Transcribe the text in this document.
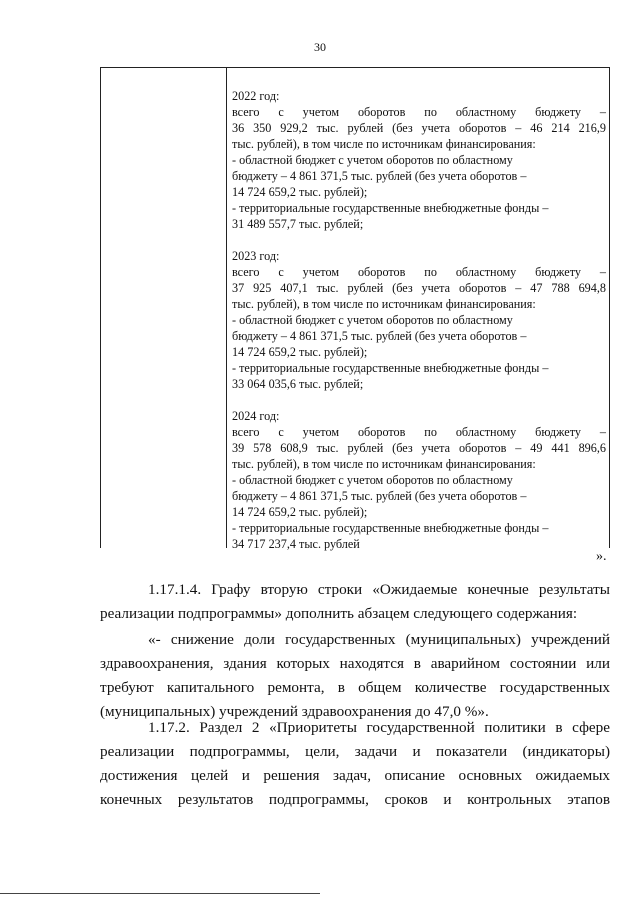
30
2022 год:
всего с учетом оборотов по областному бюджету –
36 350 929,2 тыс. рублей (без учета оборотов – 46 214 216,9
тыс. рублей), в том числе по источникам финансирования:
- областной бюджет с учетом оборотов по областному
бюджету – 4 861 371,5 тыс. рублей (без учета оборотов –
14 724 659,2 тыс. рублей);
- территориальные государственные внебюджетные фонды –
31 489 557,7 тыс. рублей;
2023 год:
всего с учетом оборотов по областному бюджету –
37 925 407,1 тыс. рублей (без учета оборотов – 47 788 694,8
тыс. рублей), в том числе по источникам финансирования:
- областной бюджет с учетом оборотов по областному
бюджету – 4 861 371,5 тыс. рублей (без учета оборотов –
14 724 659,2 тыс. рублей);
- территориальные государственные внебюджетные фонды –
33 064 035,6 тыс. рублей;
2024 год:
всего с учетом оборотов по областному бюджету –
39 578 608,9 тыс. рублей (без учета оборотов – 49 441 896,6
тыс. рублей), в том числе по источникам финансирования:
- областной бюджет с учетом оборотов по областному
бюджету – 4 861 371,5 тыс. рублей (без учета оборотов –
14 724 659,2 тыс. рублей);
- территориальные государственные внебюджетные фонды –
34 717 237,4 тыс. рублей
».
1.17.1.4. Графу вторую строки «Ожидаемые конечные результаты
реализации подпрограммы» дополнить абзацем следующего содержания:
«- снижение доли государственных (муниципальных) учреждений
здравоохранения, здания которых находятся в аварийном состоянии или
требуют капитального ремонта, в общем количестве государственных
(муниципальных) учреждений здравоохранения до 47,0 %».
1.17.2. Раздел 2 «Приоритеты государственной политики в сфере
реализации подпрограммы, цели, задачи и показатели (индикаторы)
достижения целей и решения задач, описание основных ожидаемых
конечных результатов подпрограммы, сроков и контрольных этапов
